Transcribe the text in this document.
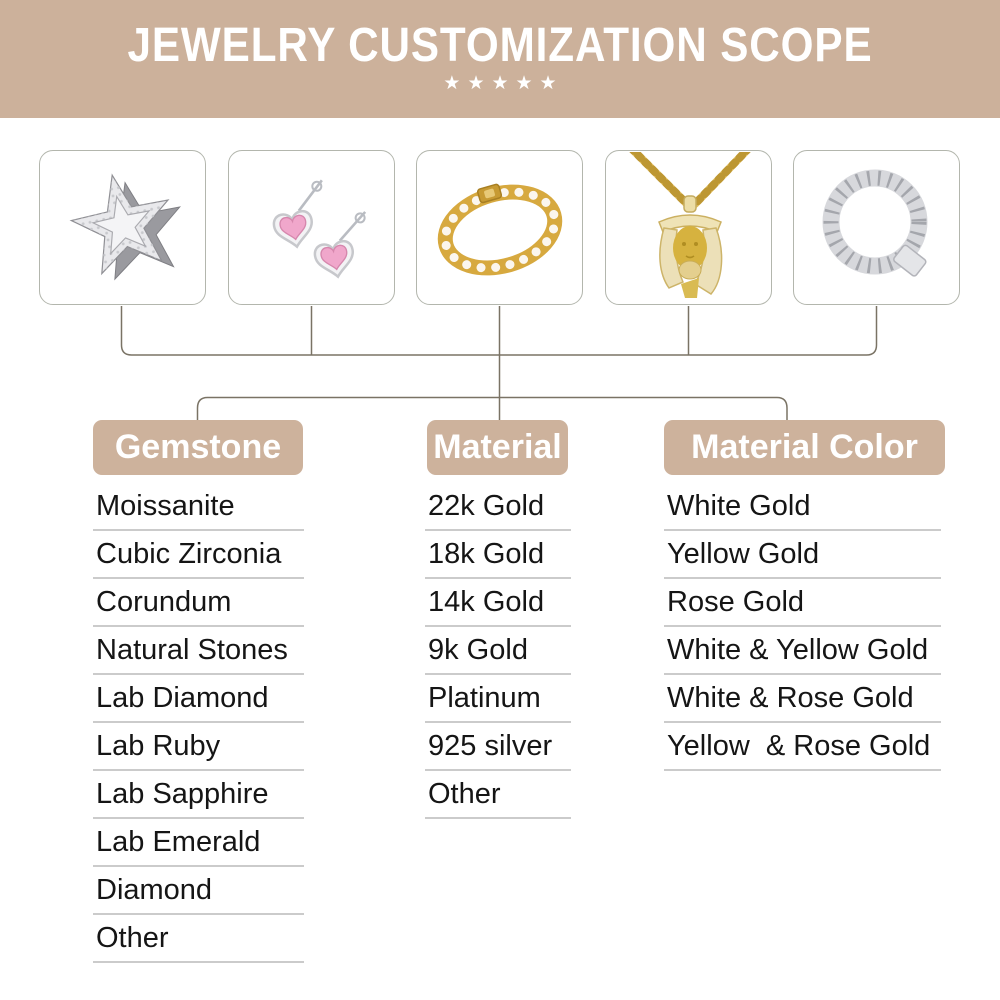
JEWELRY CUSTOMIZATION SCOPE
★★★★★
Gemstone	Material	Material Color
Moissanite
Cubic Zirconia
Corundum
Natural Stones
Lab Diamond
Lab Ruby
Lab Sapphire
Lab Emerald
Diamond
Other
22k Gold
18k Gold
14k Gold
9k Gold
Platinum
925 silver
Other
White Gold
Yellow Gold
Rose Gold
White & Yellow Gold
White & Rose Gold
Yellow  & Rose Gold
